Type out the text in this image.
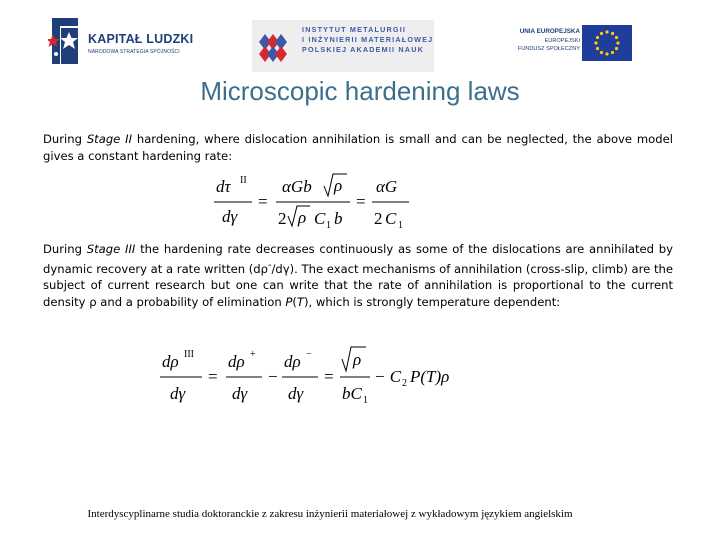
KAPITAŁ LUDZKI
NARODOWA STRATEGIA SPÓJNOŚCI
INSTYTUT METALURGII
I INŻYNIERII MATERIAŁOWEJ
POLSKIEJ AKADEMII NAUK
UNIA EUROPEJSKA
EUROPEJSKI
FUNDUSZ SPOŁECZNY
Microscopic hardening laws
During Stage II hardening, where dislocation annihilation is small and can be neglected, the above model gives a constant hardening rate:
dτ II
dγ
=
αGb ρ
2 ρ C 1 b
=
αG
2 C 1
During Stage III the hardening rate decreases continuously as some of the dislocations are annihilated by dynamic recovery at a rate written (dρ-/dγ). The exact mechanisms of annihilation (cross-slip, climb) are the subject of current research but one can write that the rate of annihilation is proportional to the current density ρ and a probability of elimination P(T), which is strongly temperature dependent:
dρ III
dγ
=
dρ +
dγ
−
dρ −
dγ
=
ρ
bC 1
− C 2 P(T)ρ
Interdyscyplinarne studia doktoranckie z zakresu inżynierii materiałowej z wykładowym językiem angielskim
